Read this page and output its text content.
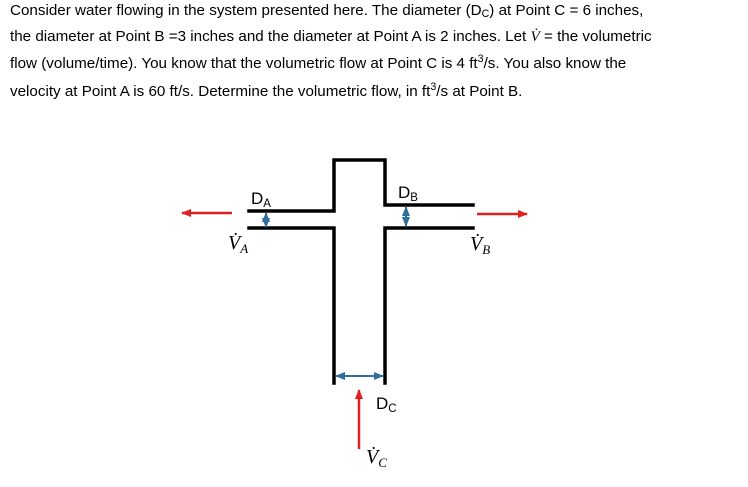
Consider water flowing in the system presented here. The diameter (DC) at Point C = 6 inches,
the diameter at Point B =3 inches and the diameter at Point A is 2 inches. Let V̇ = the volumetric
flow (volume/time). You know that the volumetric flow at Point C is 4 $ft^3/s$. You also know the
velocity at Point A is 60 ft/s. Determine the volumetric flow, in $ft^3/s$ at Point B.

DA
DB
DC
$V̇_A$	$V̇_B$
$V̇_C$
